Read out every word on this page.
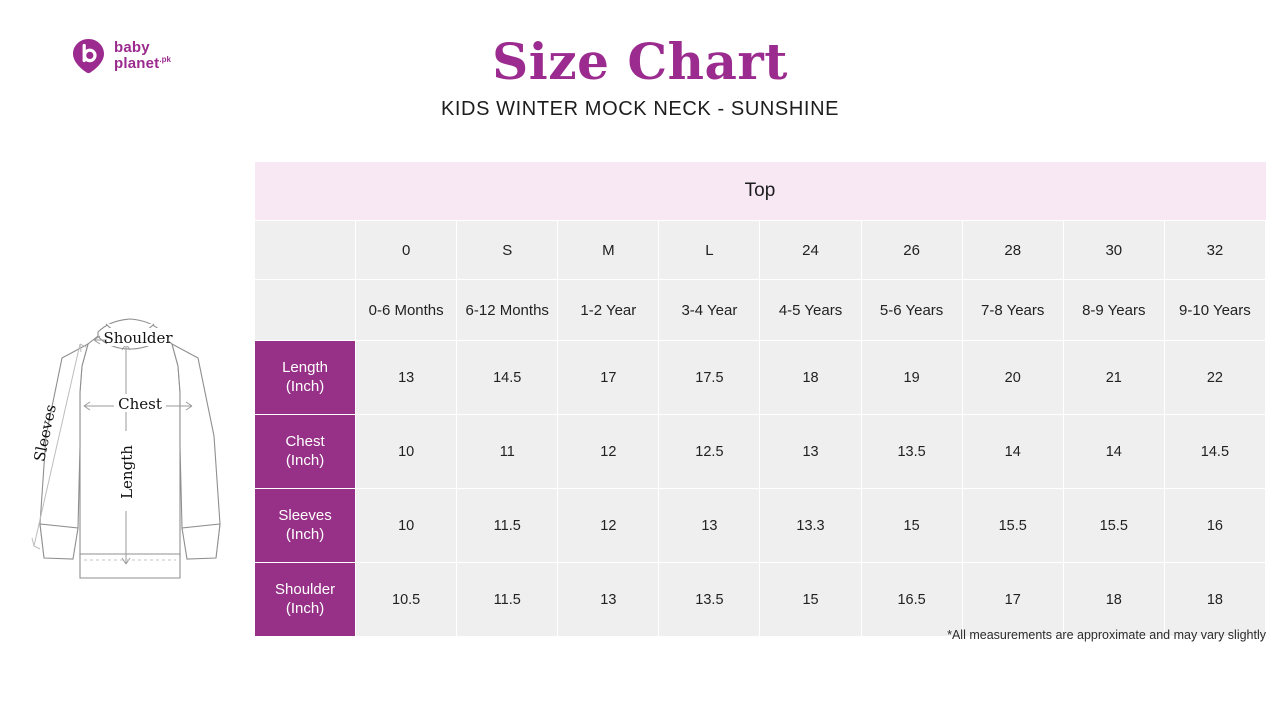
baby
planet$^{.pk}$	Size Chart
KIDS WINTER MOCK NECK - SUNSHINE
Shoulder
Chest
Length
Sleeves
Top									
	0	S	M	L	24	26	28	30	32
	0-6 Months	6-12 Months	1-2 Year	3-4 Year	4-5 Years	5-6 Years	7-8 Years	8-9 Years	9-10 Years

Length
(Inch)	13	14.5	17	17.5	18	19	20	21	22

Chest
(Inch)	10	11	12	12.5	13	13.5	14	14	14.5

Sleeves
(Inch)	10	11.5	12	13	13.3	15	15.5	15.5	16

Shoulder
(Inch)	10.5	11.5	13	13.5	15	16.5	17	18	18
*All measurements are approximate and may vary slightly
